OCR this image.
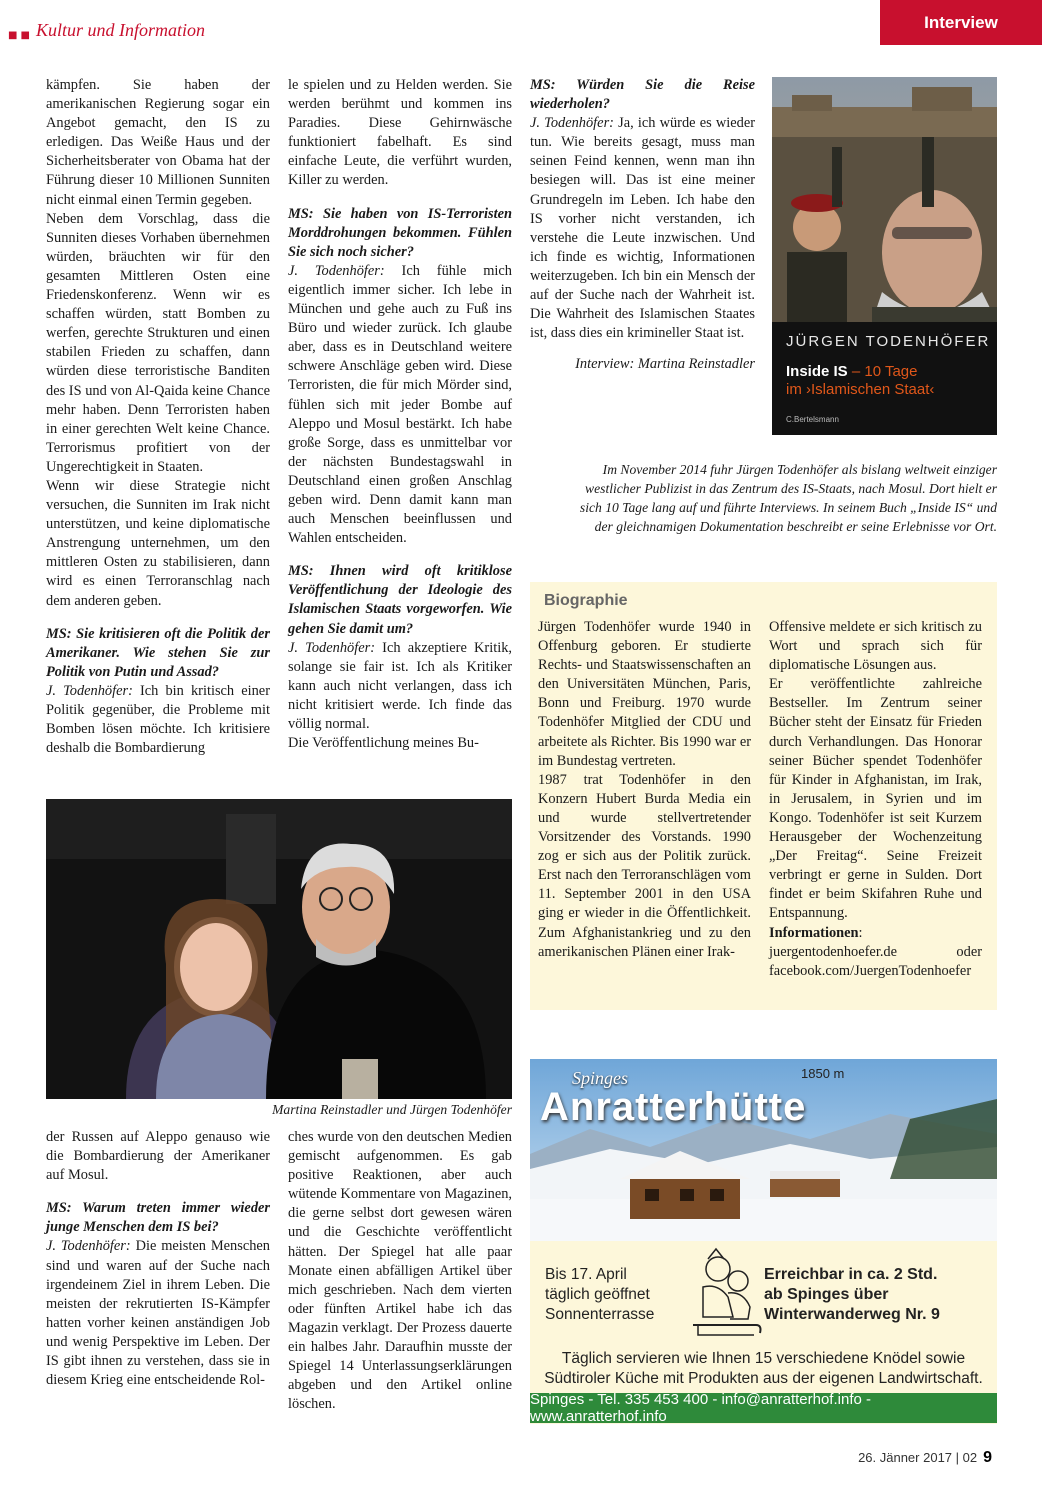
■■ Kultur und Information	Interview

kämpfen. Sie haben der amerikanischen Regierung sogar ein Angebot gemacht, den IS zu erledigen. Das Weiße Haus und der Sicherheitsberater von Obama hat der Führung dieser 10 Millionen Sunniten nicht einmal einen Termin gegeben.

Neben dem Vorschlag, dass die Sunniten dieses Vorhaben übernehmen würden, bräuchten wir für den gesamten Mittleren Osten eine Friedenskonferenz. Wenn wir es schaffen würden, statt Bomben zu werfen, gerechte Strukturen und einen stabilen Frieden zu schaffen, dann würden diese terroristische Banditen des IS und von Al-Qaida keine Chance mehr haben. Denn Terroristen haben in einer gerechten Welt keine Chance. Terrorismus profitiert von der Ungerechtigkeit in Staaten.

Wenn wir diese Strategie nicht versuchen, die Sunniten im Irak nicht unterstützen, und keine diplomatische Anstrengung unternehmen, um den mittleren Osten zu stabilisieren, dann wird es einen Terroranschlag nach dem anderen geben.

MS: Sie kritisieren oft die Politik der Amerikaner. Wie stehen Sie zur Politik von Putin und Assad?

J. Todenhöfer: Ich bin kritisch einer Politik gegenüber, die Probleme mit Bomben lösen möchte. Ich kritisiere deshalb die Bombardierung

le spielen und zu Helden werden. Sie werden berühmt und kommen ins Paradies. Diese Gehirnwäsche funktioniert fabelhaft. Es sind einfache Leute, die verführt wurden, Killer zu werden.

MS: Sie haben von IS-Terroristen Morddrohungen bekommen. Fühlen Sie sich noch sicher?

J. Todenhöfer: Ich fühle mich eigentlich immer sicher. Ich lebe in München und gehe auch zu Fuß ins Büro und wieder zurück. Ich glaube aber, dass es in Deutschland weitere schwere Anschläge geben wird. Diese Terroristen, die für mich Mörder sind, fühlen sich mit jeder Bombe auf Aleppo und Mosul bestärkt. Ich habe große Sorge, dass es unmittelbar vor der nächsten Bundestagswahl in Deutschland einen großen Anschlag geben wird. Denn damit kann man auch Menschen beeinflussen und Wahlen entscheiden.

MS: Ihnen wird oft kritiklose Veröffentlichung der Ideologie des Islamischen Staats vorgeworfen. Wie gehen Sie damit um?

J. Todenhöfer: Ich akzeptiere Kritik, solange sie fair ist. Ich als Kritiker kann auch nicht verlangen, dass ich nicht kritisiert werde. Ich finde das völlig normal.

Die Veröffentlichung meines Bu-

MS: Würden Sie die Reise wiederholen?

J. Todenhöfer: Ja, ich würde es wieder tun. Wie bereits gesagt, muss man seinen Feind kennen, wenn man ihn besiegen will. Das ist eine meiner Grundregeln im Leben. Ich habe den IS vorher nicht verstanden, ich verstehe die Leute inzwischen. Und ich finde es wichtig, Informationen weiterzugeben. Ich bin ein Mensch der auf der Suche nach der Wahrheit ist. Die Wahrheit des Islamischen Staates ist, dass dies ein krimineller Staat ist.

Interview: Martina Reinstadler

JÜRGEN TODENHÖFER
Inside IS – 10 Tage
im ›Islamischen Staat‹
C.Bertelsmann
Im November 2014 fuhr Jürgen Todenhöfer als bislang weltweit einziger westlicher Publizist in das Zentrum des IS-Staats, nach Mosul. Dort hielt er sich 10 Tage lang auf und führte Interviews. In seinem Buch „Inside IS“ und der gleichnamigen Dokumentation beschreibt er seine Erlebnisse vor Ort.
Biographie

Jürgen Todenhöfer wurde 1940 in Offenburg geboren. Er studierte Rechts- und Staatswissenschaften an den Universitäten München, Paris, Bonn und Freiburg. 1970 wurde Todenhöfer Mitglied der CDU und arbeitete als Richter. Bis 1990 war er im Bundestag vertreten.

1987 trat Todenhöfer in den Konzern Hubert Burda Media ein und wurde stellvertretender Vorsitzender des Vorstands. 1990 zog er sich aus der Politik zurück. Erst nach den Terroranschlägen vom 11. September 2001 in den USA ging er wieder in die Öffentlichkeit. Zum Afghanistankrieg und zu den amerikanischen Plänen einer Irak-

Offensive meldete er sich kritisch zu Wort und sprach sich für diplomatische Lösungen aus.

Er veröffentlichte zahlreiche Bestseller. Im Zentrum seiner Bücher steht der Einsatz für Frieden durch Verhandlungen. Das Honorar seiner Bücher spendet Todenhöfer für Kinder in Afghanistan, im Irak, in Jerusalem, in Syrien und im Kongo. Todenhöfer ist seit Kurzem Herausgeber der Wochenzeitung „Der Freitag“. Seine Freizeit verbringt er gerne in Sulden. Dort findet er beim Skifahren Ruhe und Entspannung.

Informationen: juergentodenhoefer.de oder facebook.com/JuergenTodenhoefer

Martina Reinstadler und Jürgen Todenhöfer

der Russen auf Aleppo genauso wie die Bombardierung der Amerikaner auf Mosul.

MS: Warum treten immer wieder junge Menschen dem IS bei?

J. Todenhöfer: Die meisten Menschen sind und waren auf der Suche nach irgendeinem Ziel in ihrem Leben. Die meisten der rekrutierten IS-Kämpfer hatten vorher keinen anständigen Job und wenig Perspektive im Leben. Der IS gibt ihnen zu verstehen, dass sie in diesem Krieg eine entscheidende Rol-

ches wurde von den deutschen Medien gemischt aufgenommen. Es gab positive Reaktionen, aber auch wütende Kommentare von Magazinen, die gerne selbst dort gewesen wären und die Geschichte veröffentlicht hätten. Der Spiegel hat alle paar Monate einen abfälligen Artikel über mich geschrieben. Nach dem vierten oder fünften Artikel habe ich das Magazin verklagt. Der Prozess dauerte ein halbes Jahr. Daraufhin musste der Spiegel 14 Unterlassungserklärungen abgeben und den Artikel online löschen.

Spinges	1850 m
Anratterhütte
Bis 17. April
täglich geöffnet
Sonnenterrasse
Erreichbar in ca. 2 Std.
ab Spinges über
Winterwanderweg Nr. 9
Täglich servieren wie Ihnen 15 verschiedene Knödel sowie
Südtiroler Küche mit Produkten aus der eigenen Landwirtschaft.
Spinges - Tel. 335 453 400 - info@anratterhof.info - www.anratterhof.info
26. Jänner 2017 | 02 9
